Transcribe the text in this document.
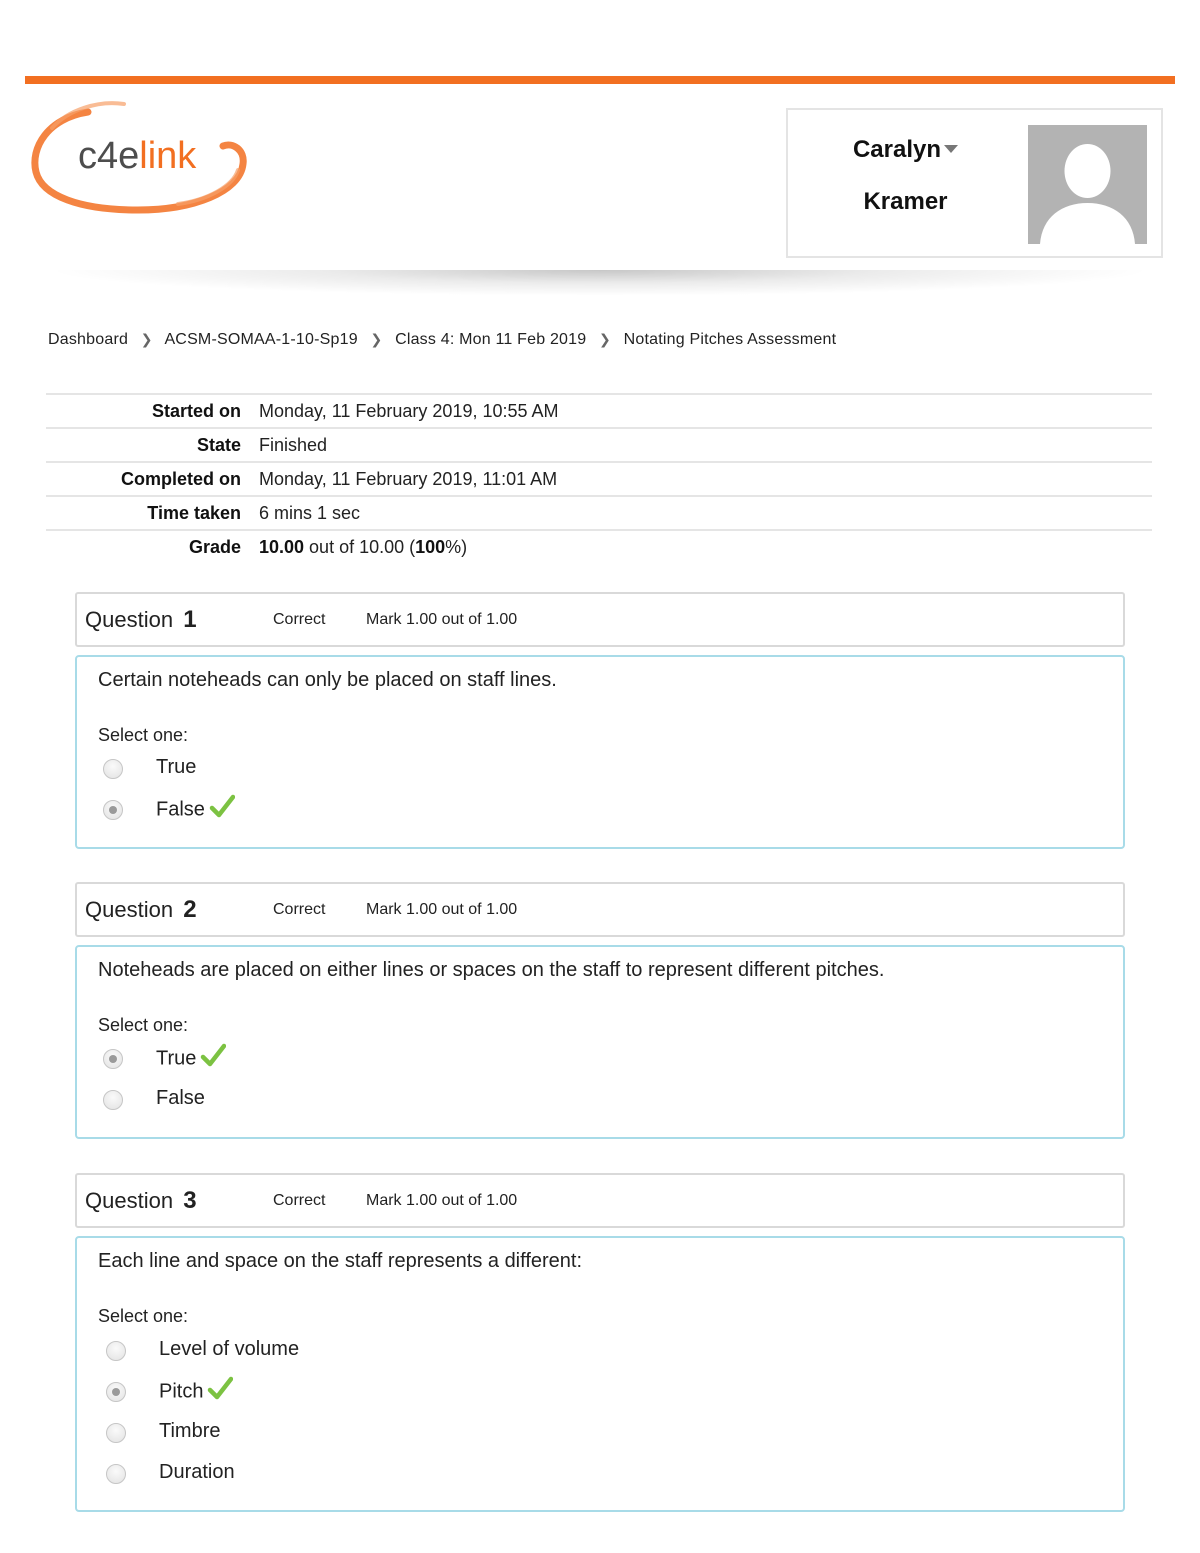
c4elink	Caralyn
Kramer
Dashboard ❯ ACSM-SOMAA-1-10-Sp19 ❯ Class 4: Mon 11 Feb 2019 ❯ Notating Pitches Assessment
Started on	Monday, 11 February 2019, 10:55 AM
State	Finished
Completed on	Monday, 11 February 2019, 11:01 AM
Time taken	6 mins 1 sec
Grade	10.00 out of 10.00 (100%)
Question 1	Correct	Mark 1.00 out of 1.00
Certain noteheads can only be placed on staff lines.
Select one:
True
False
Question 2	Correct	Mark 1.00 out of 1.00
Noteheads are placed on either lines or spaces on the staff to represent different pitches.
Select one:
True
False
Question 3	Correct	Mark 1.00 out of 1.00
Each line and space on the staff represents a different:
Select one:
Level of volume
Pitch
Timbre
Duration
